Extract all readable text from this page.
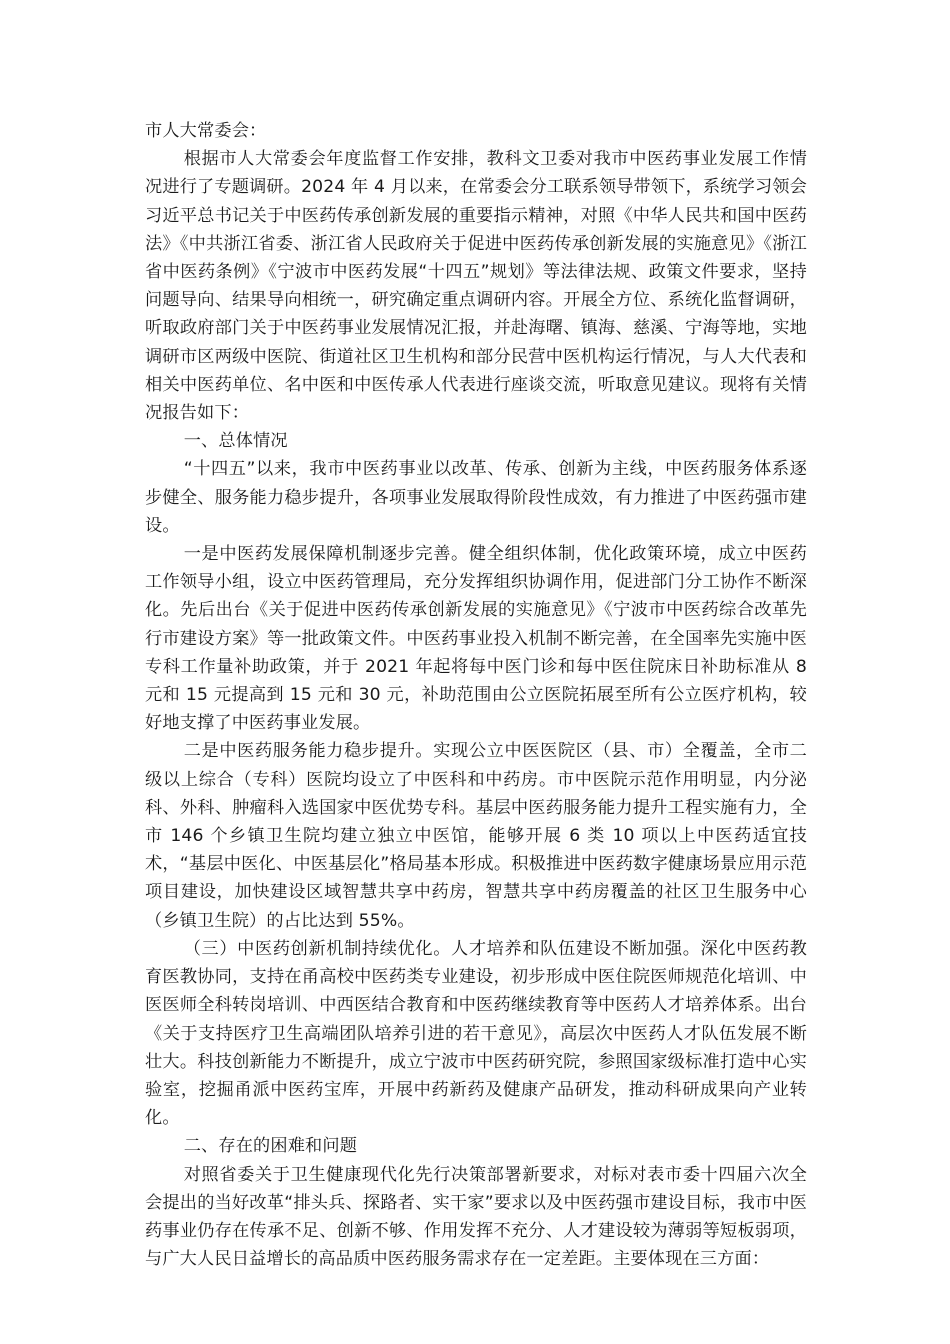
市人大常委会：

根据市人大常委会年度监督工作安排，教科文卫委对我市中医药事业发展工作情况进行了专题调研。2024 年 4 月以来，在常委会分工联系领导带领下，系统学习领会习近平总书记关于中医药传承创新发展的重要指示精神，对照《中华人民共和国中医药法》《中共浙江省委、浙江省人民政府关于促进中医药传承创新发展的实施意见》《浙江省中医药条例》《宁波市中医药发展“十四五”规划》等法律法规、政策文件要求，坚持问题导向、结果导向相统一，研究确定重点调研内容。开展全方位、系统化监督调研，听取政府部门关于中医药事业发展情况汇报，并赴海曙、镇海、慈溪、宁海等地，实地调研市区两级中医院、街道社区卫生机构和部分民营中医机构运行情况，与人大代表和相关中医药单位、名中医和中医传承人代表进行座谈交流，听取意见建议。现将有关情况报告如下：

一、总体情况

“十四五”以来，我市中医药事业以改革、传承、创新为主线，中医药服务体系逐步健全、服务能力稳步提升，各项事业发展取得阶段性成效，有力推进了中医药强市建设。

一是中医药发展保障机制逐步完善。健全组织体制，优化政策环境，成立中医药工作领导小组，设立中医药管理局，充分发挥组织协调作用，促进部门分工协作不断深化。先后出台《关于促进中医药传承创新发展的实施意见》《宁波市中医药综合改革先行市建设方案》等一批政策文件。中医药事业投入机制不断完善，在全国率先实施中医专科工作量补助政策，并于 2021 年起将每中医门诊和每中医住院床日补助标准从 8 元和 15 元提高到 15 元和 30 元，补助范围由公立医院拓展至所有公立医疗机构，较好地支撑了中医药事业发展。

二是中医药服务能力稳步提升。实现公立中医医院区（县、市）全覆盖，全市二级以上综合（专科）医院均设立了中医科和中药房。市中医院示范作用明显，内分泌科、外科、肿瘤科入选国家中医优势专科。基层中医药服务能力提升工程实施有力，全市 146 个乡镇卫生院均建立独立中医馆，能够开展 6 类 10 项以上中医药适宜技术，“基层中医化、中医基层化”格局基本形成。积极推进中医药数字健康场景应用示范项目建设，加快建设区域智慧共享中药房，智慧共享中药房覆盖的社区卫生服务中心（乡镇卫生院）的占比达到 55%。

（三）中医药创新机制持续优化。人才培养和队伍建设不断加强。深化中医药教育医教协同，支持在甬高校中医药类专业建设，初步形成中医住院医师规范化培训、中医医师全科转岗培训、中西医结合教育和中医药继续教育等中医药人才培养体系。出台《关于支持医疗卫生高端团队培养引进的若干意见》，高层次中医药人才队伍发展不断壮大。科技创新能力不断提升，成立宁波市中医药研究院，参照国家级标准打造中心实验室，挖掘甬派中医药宝库，开展中药新药及健康产品研发，推动科研成果向产业转化。

二、存在的困难和问题

对照省委关于卫生健康现代化先行决策部署新要求，对标对表市委十四届六次全会提出的当好改革“排头兵、探路者、实干家”要求以及中医药强市建设目标，我市中医药事业仍存在传承不足、创新不够、作用发挥不充分、人才建设较为薄弱等短板弱项，与广大人民日益增长的高品质中医药服务需求存在一定差距。主要体现在三方面：
